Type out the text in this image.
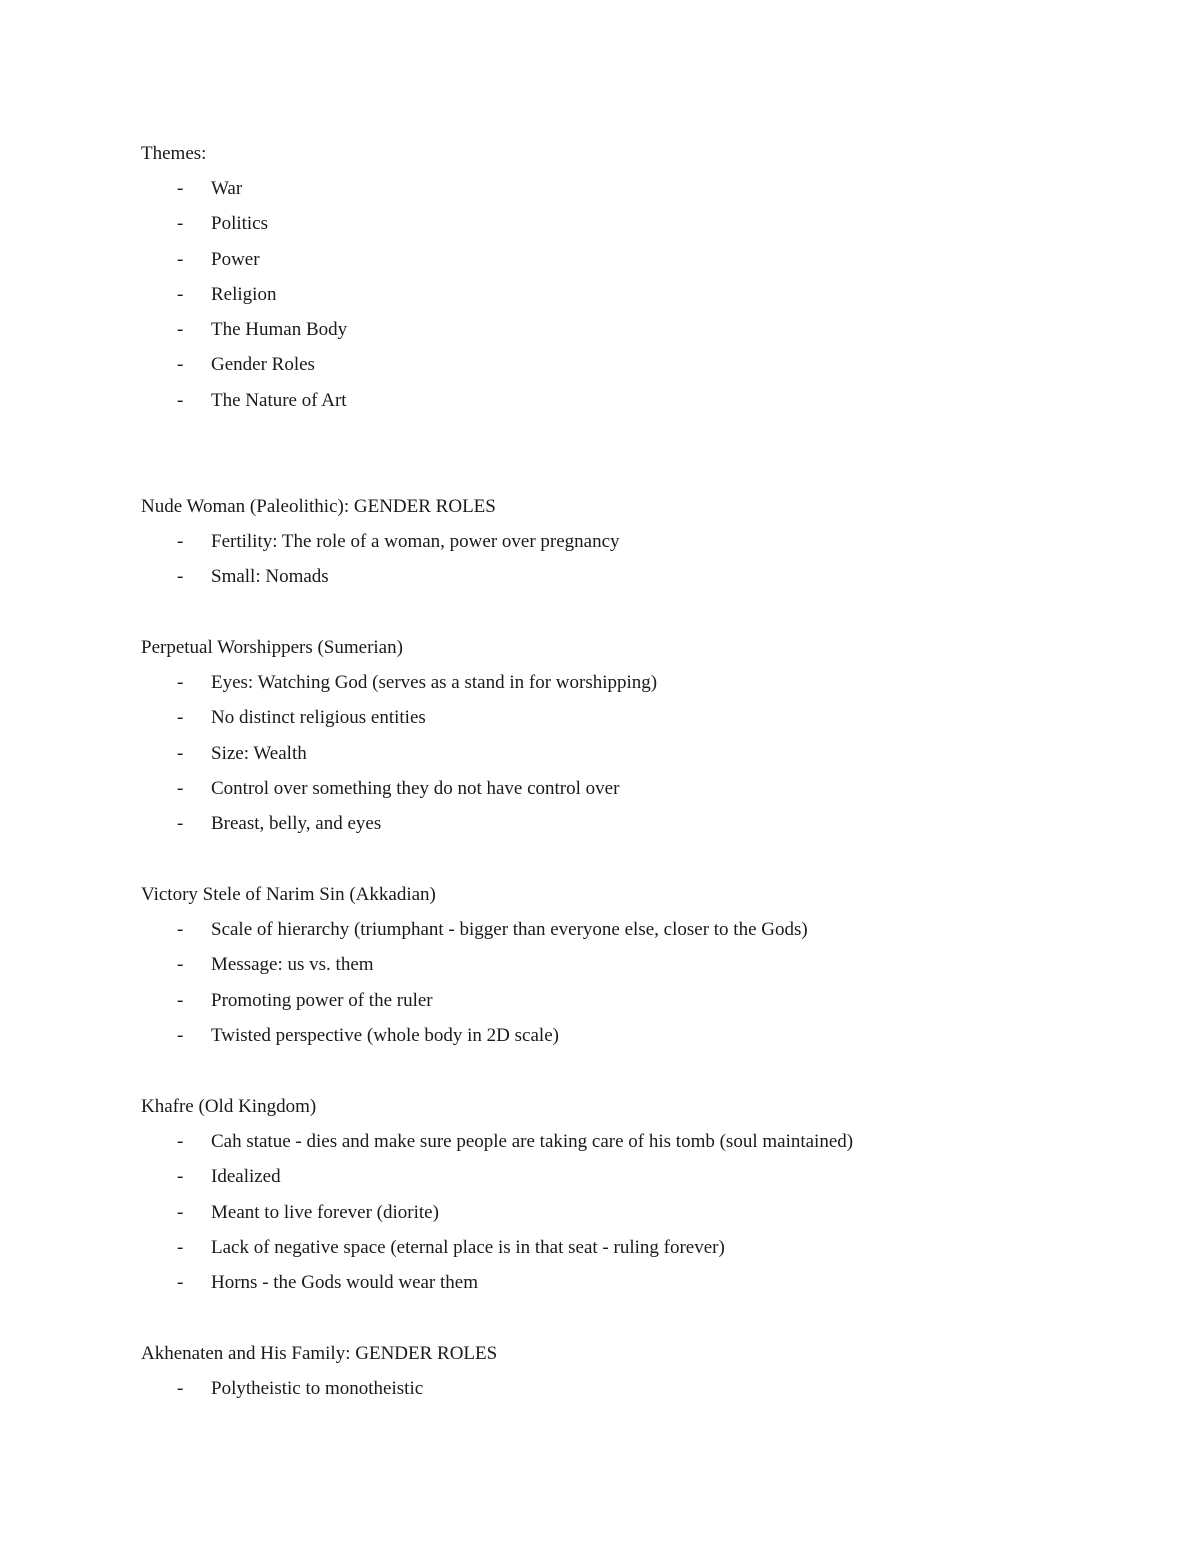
Themes:
- War
- Politics
- Power
- Religion
- The Human Body
- Gender Roles
- The Nature of Art
Nude Woman (Paleolithic): GENDER ROLES
- Fertility: The role of a woman, power over pregnancy
- Small: Nomads
Perpetual Worshippers (Sumerian)
- Eyes: Watching God (serves as a stand in for worshipping)
- No distinct religious entities
- Size: Wealth
- Control over something they do not have control over
- Breast, belly, and eyes
Victory Stele of Narim Sin (Akkadian)
- Scale of hierarchy (triumphant - bigger than everyone else, closer to the Gods)
- Message: us vs. them
- Promoting power of the ruler
- Twisted perspective (whole body in 2D scale)
Khafre (Old Kingdom)
- Cah statue - dies and make sure people are taking care of his tomb (soul maintained)
- Idealized
- Meant to live forever (diorite)
- Lack of negative space (eternal place is in that seat - ruling forever)
- Horns - the Gods would wear them
Akhenaten and His Family: GENDER ROLES
- Polytheistic to monotheistic
